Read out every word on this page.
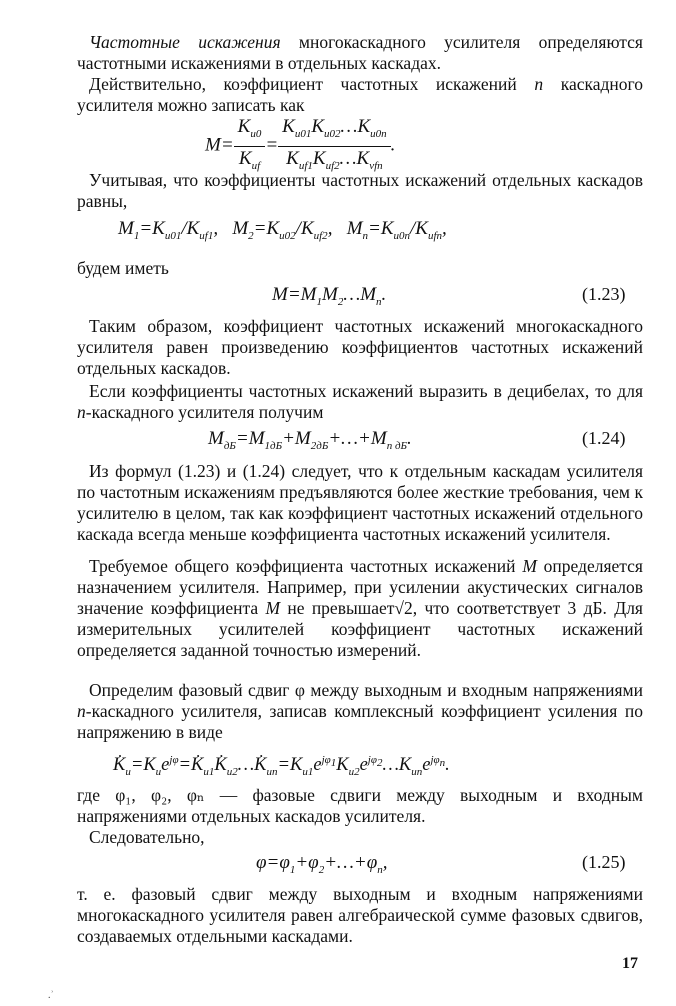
Частотные искажения многокаскадного усилителя определяются частотными искажениями в отдельных каскадах.
Действительно, коэффициент частотных искажений n каскадного усилителя можно записать как
$M= \frac{K_{u0}}{K_{uf}} = \frac{K_{u01}K_{u02}\dots K_{u0n}}{K_{uf1}K_{uf2}\dots K_{vfn}}$ .
Учитывая, что коэффициенты частотных искажений отдельных каскадов равны,
$M_1=K_{u01}/K_{uf1}$,   $M_2=K_{u02}/K_{uf2}$,   $M_n=K_{u0n}/K_{ufn}$,
будем иметь
$M=M_1M_2\dots M_n$.	(1.23)
Таким образом, коэффициент частотных искажений многокаскадного усилителя равен произведению коэффициентов частотных искажений отдельных каскадов.
Если коэффициенты частотных искажений выразить в децибелах, то для n-каскадного усилителя получим
$M_{дБ}=M_{1дБ}+M_{2дБ}+\dots+M_{n дБ}$.	(1.24)
Из формул (1.23) и (1.24) следует, что к отдельным каскадам усилителя по частотным искажениям предъявляются более жесткие требования, чем к усилителю в целом, так как коэффициент частотных искажений отдельного каскада всегда меньше коэффициента частотных искажений усилителя.
Требуемое общего коэффициента частотных искажений M определяется назначением усилителя. Например, при усилении акустических сигналов значение коэффициента M не превышает√2, что соответствует 3 дБ. Для измерительных усилителей коэффициент частотных искажений определяется заданной точностью измерений.
Определим фазовый сдвиг φ между выходным и входным напряжениями n-каскадного усилителя, записав комплексный коэффициент усиления по напряжению в виде
$K̇_u=K_ue^{j\varphi}=K̇_{u1}K̇_{u2}\dots K̇_{un}=K_{u1}e^{j\varphi_1}K_{u2}e^{j\varphi_2}\dots K_{un}e^{j\varphi_n}$.
где φ₁, φ₂, φₙ — фазовые сдвиги между выходным и входным напряжениями отдельных каскадов усилителя.
Следовательно,
$\varphi=\varphi_1+\varphi_2+\dots+\varphi_n$,	(1.25)
т. е. фазовый сдвиг между выходным и входным напряжениями многокаскадного усилителя равен алгебраической сумме фазовых сдвигов, создаваемых отдельными каскадами.
17
.ʾ
